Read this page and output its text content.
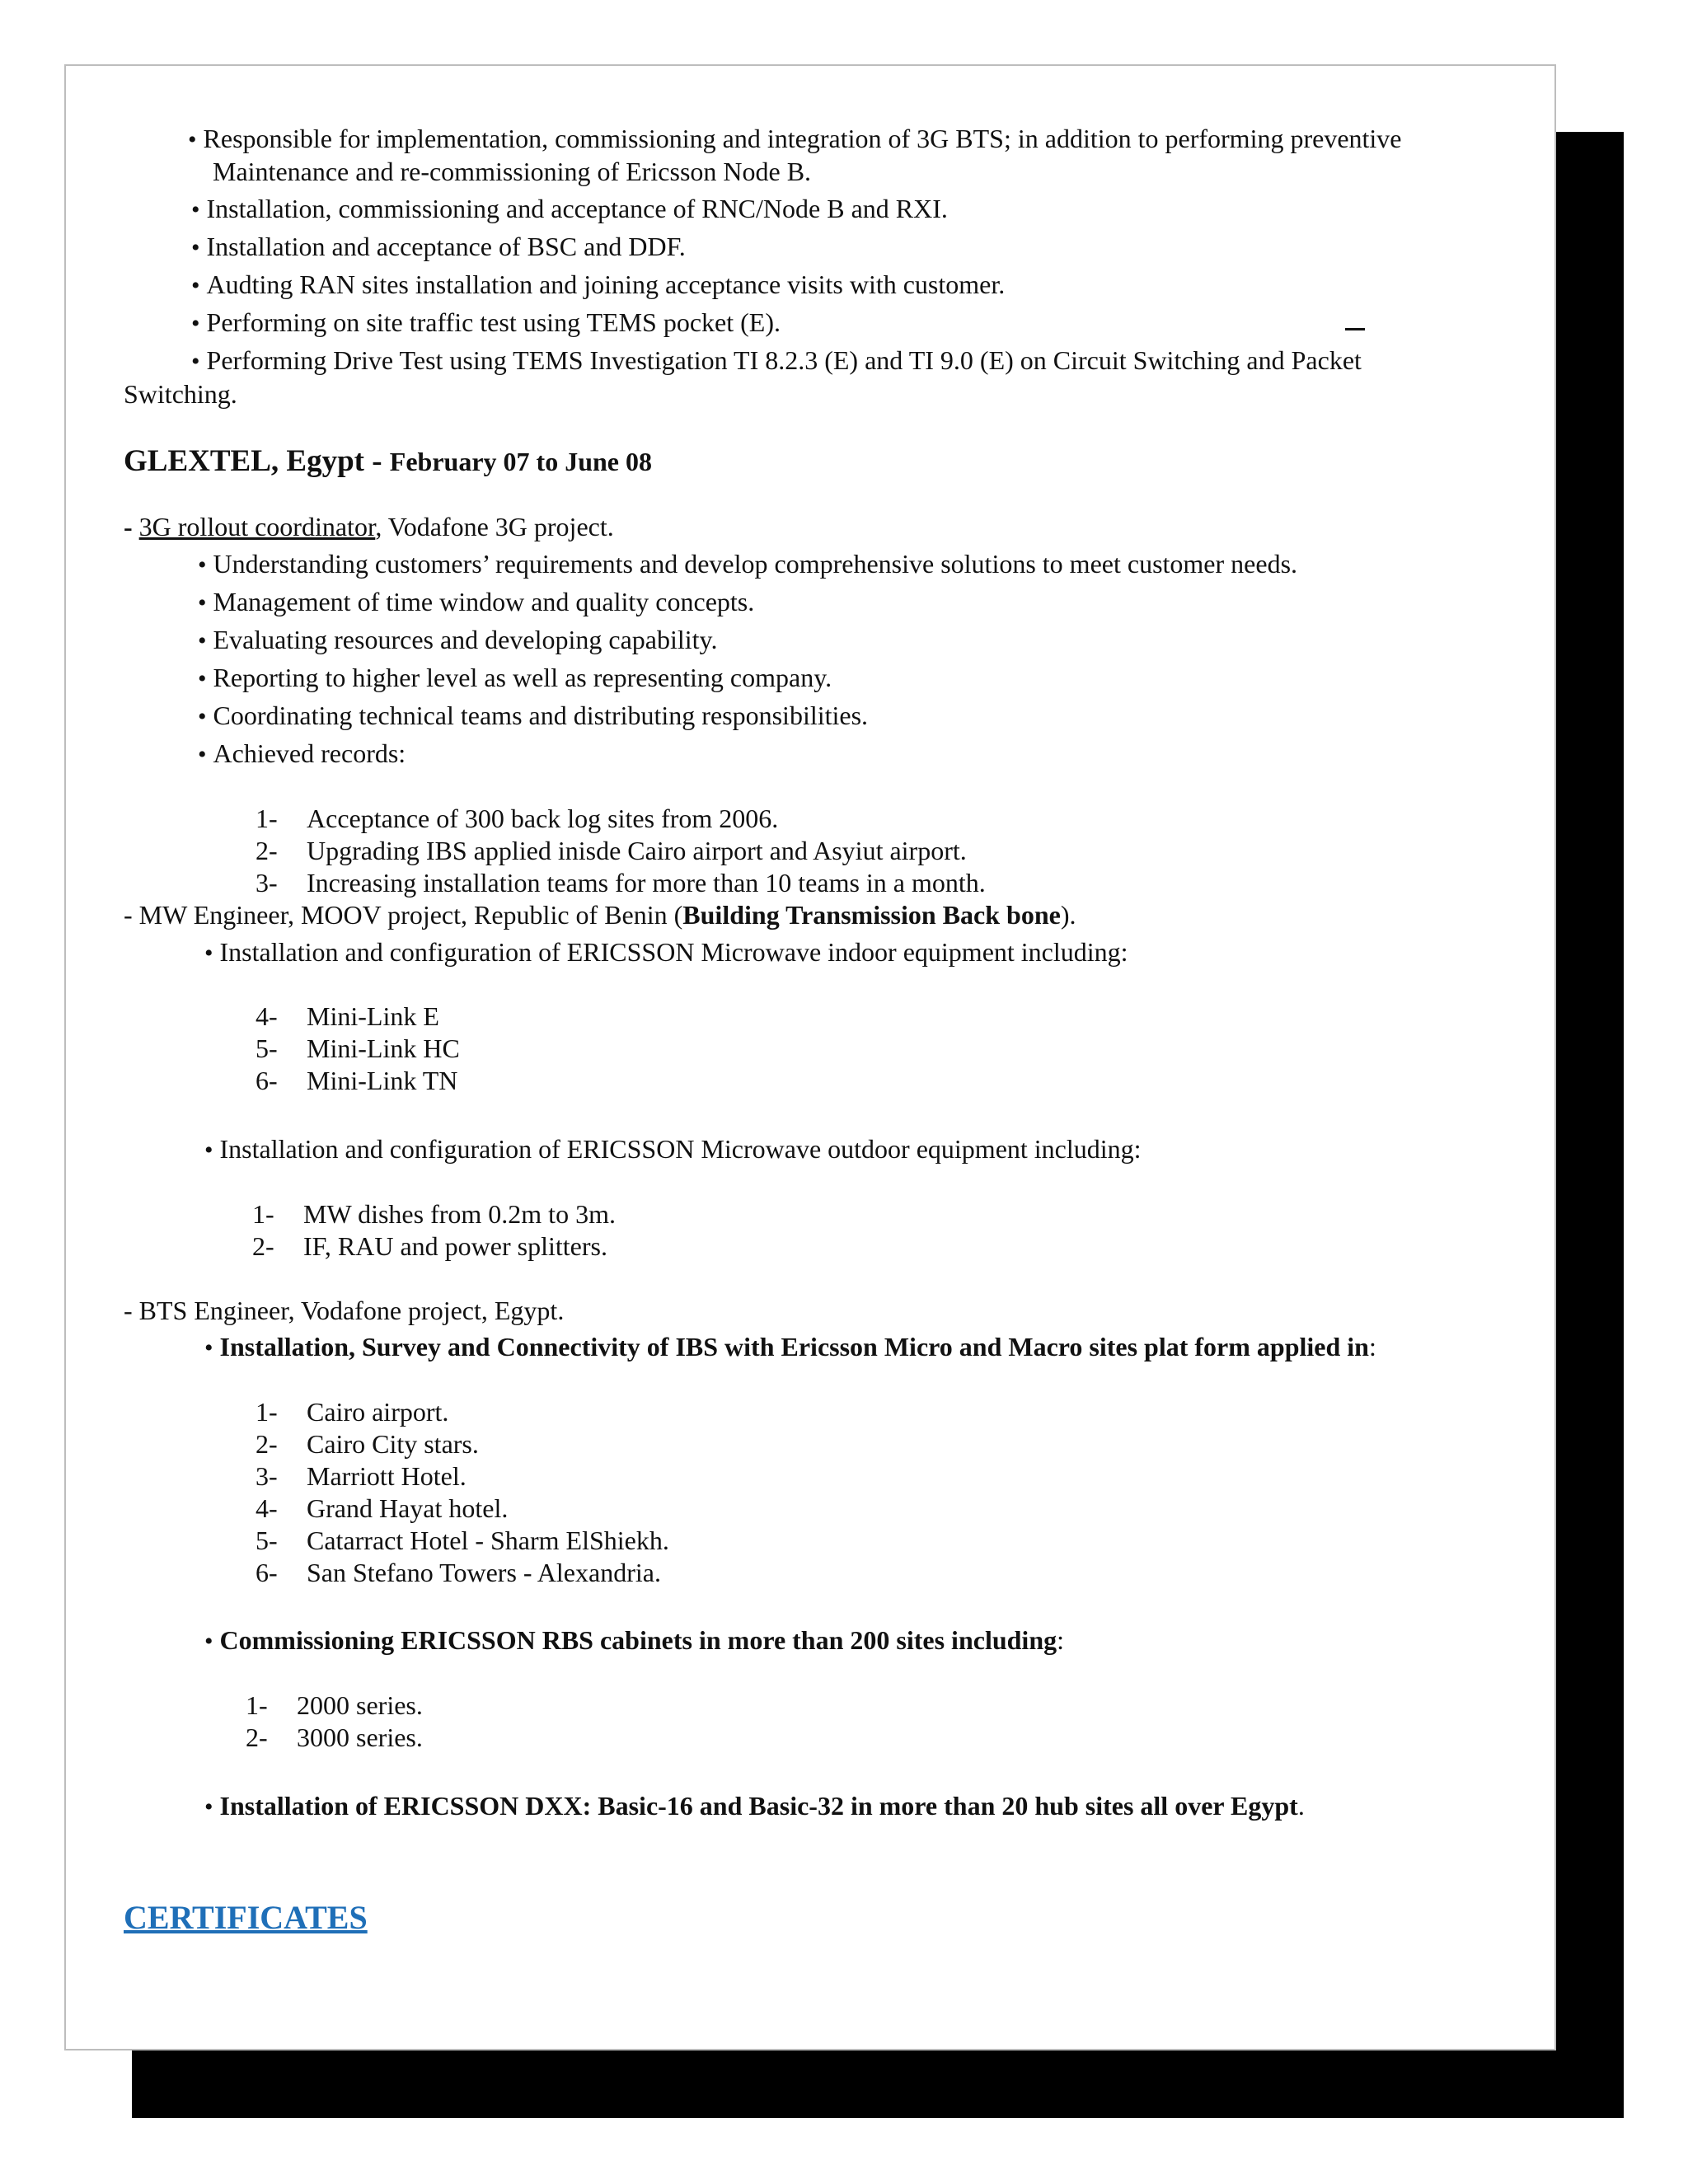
• Responsible for implementation, commissioning and integration of 3G BTS; in addition to performing preventive
Maintenance and re-commissioning of Ericsson Node B.
• Installation, commissioning and acceptance of RNC/Node B and RXI.
• Installation and acceptance of BSC and DDF.
• Audting RAN sites installation and joining acceptance visits with customer.
• Performing on site traffic test using TEMS pocket (E).
• Performing Drive Test using TEMS Investigation TI 8.2.3 (E) and TI 9.0 (E) on Circuit Switching and Packet
Switching.
GLEXTEL, Egypt - February 07 to June 08
- 3G rollout coordinator, Vodafone 3G project.
• Understanding customers’ requirements and develop comprehensive solutions to meet customer needs.
• Management of time window and quality concepts.
• Evaluating resources and developing capability.
• Reporting to higher level as well as representing company.
• Coordinating technical teams and distributing responsibilities.
• Achieved records:
1- Acceptance of 300 back log sites from 2006.
2- Upgrading IBS applied inisde Cairo airport and Asyiut airport.
3- Increasing installation teams for more than 10 teams in a month.
- MW Engineer, MOOV project, Republic of Benin (Building Transmission Back bone).
• Installation and configuration of ERICSSON Microwave indoor equipment including:
4- Mini-Link E
5- Mini-Link HC
6- Mini-Link TN
• Installation and configuration of ERICSSON Microwave outdoor equipment including:
1- MW dishes from 0.2m to 3m.
2- IF, RAU and power splitters.
- BTS Engineer, Vodafone project, Egypt.
• Installation, Survey and Connectivity of IBS with Ericsson Micro and Macro sites plat form applied in:
1- Cairo airport.
2- Cairo City stars.
3- Marriott Hotel.
4- Grand Hayat hotel.
5- Catarract Hotel - Sharm ElShiekh.
6- San Stefano Towers - Alexandria.
• Commissioning ERICSSON RBS cabinets in more than 200 sites including:
1- 2000 series.
2- 3000 series.
• Installation of ERICSSON DXX: Basic-16 and Basic-32 in more than 20 hub sites all over Egypt.
CERTIFICATES
